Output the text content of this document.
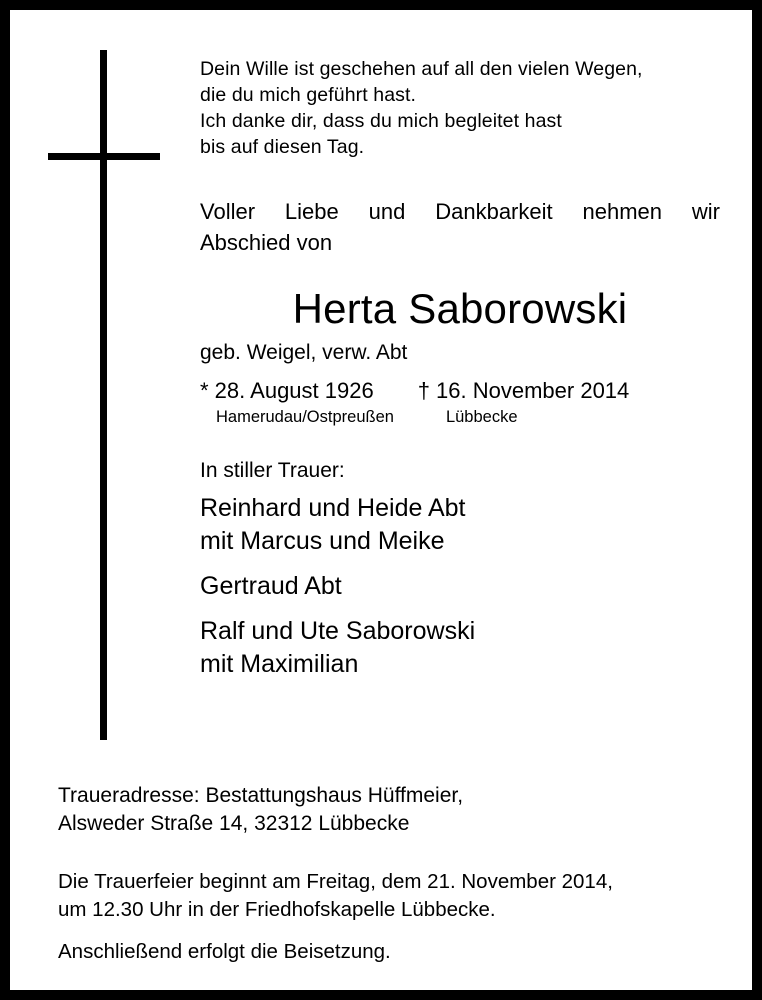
Dein Wille ist geschehen auf all den vielen Wegen,
die du mich geführt hast.
Ich danke dir, dass du mich begleitet hast
bis auf diesen Tag.
Voller Liebe und Dankbarkeit nehmen wir
Abschied von
Herta Saborowski
geb. Weigel, verw. Abt
* 28. August 1926 † 16. November 2014
Hamerudau/Ostpreußen	Lübbecke
In stiller Trauer:
Reinhard und Heide Abt
mit Marcus und Meike
Gertraud Abt
Ralf und Ute Saborowski
mit Maximilian
Traueradresse: Bestattungshaus Hüffmeier,
Alsweder Straße 14, 32312 Lübbecke
Die Trauerfeier beginnt am Freitag, dem 21. November 2014,
um 12.30 Uhr in der Friedhofskapelle Lübbecke.
Anschließend erfolgt die Beisetzung.
